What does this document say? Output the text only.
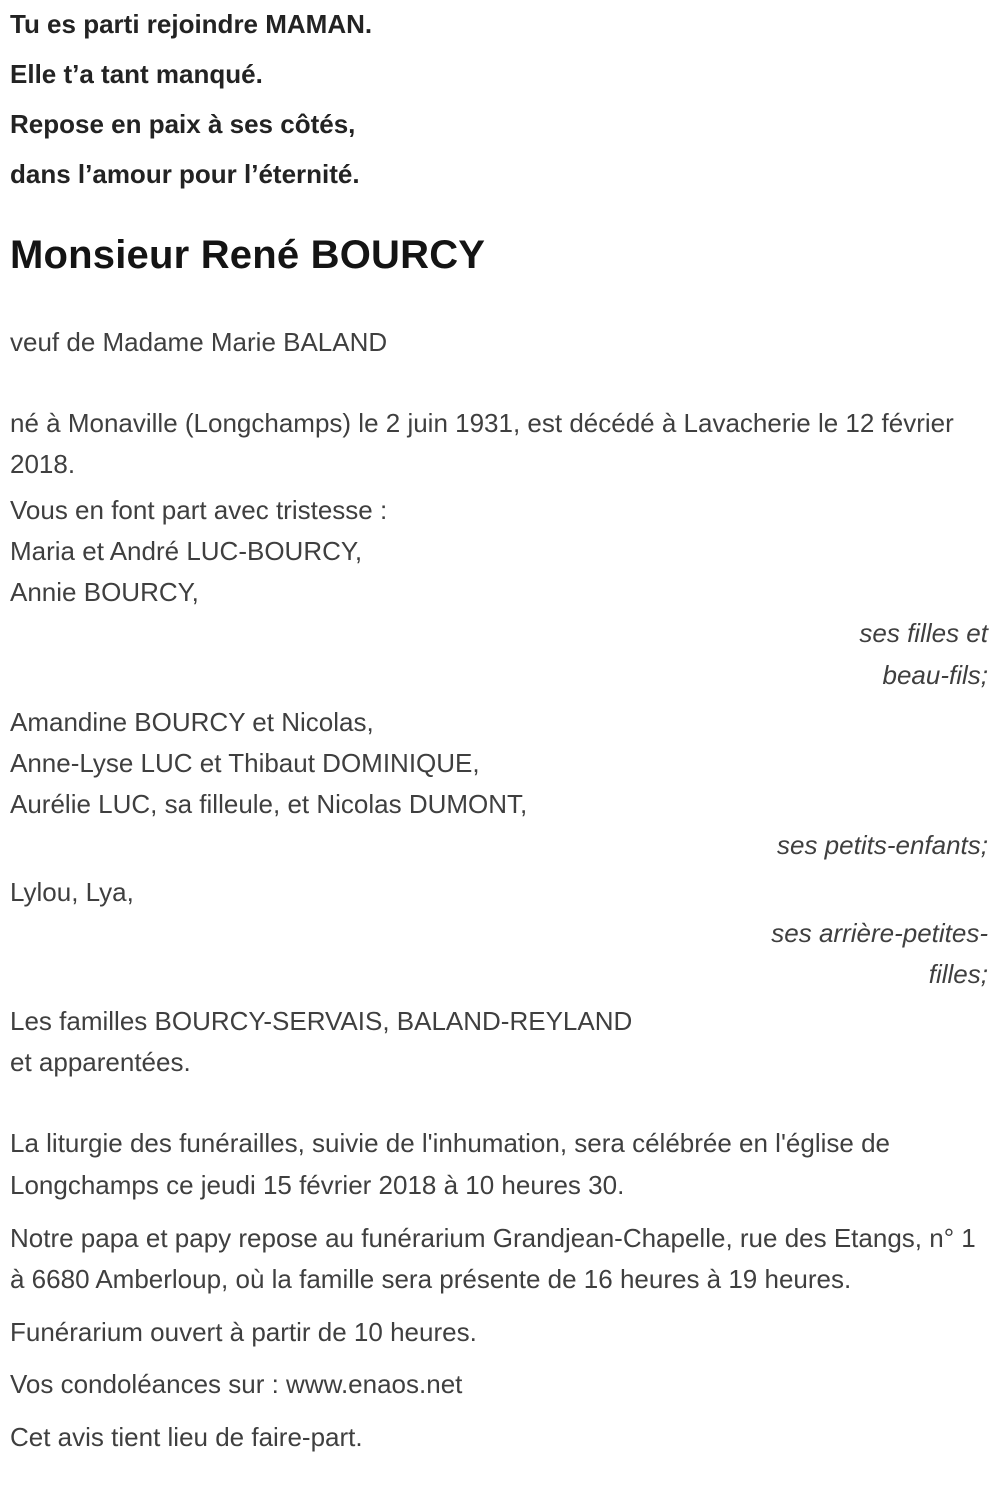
Tu es parti rejoindre MAMAN.

Elle t’a tant manqué.

Repose en paix à ses côtés,

dans l’amour pour l’éternité.

Monsieur René BOURCY

veuf de Madame Marie BALAND

né à Monaville (Longchamps) le 2 juin 1931, est décédé à Lavacherie le 12 février 2018.

Vous en font part avec tristesse :

Maria et André LUC-BOURCY,
Annie BOURCY,
ses filles et
beau-fils;
Amandine BOURCY et Nicolas,
Anne-Lyse LUC et Thibaut DOMINIQUE,
Aurélie LUC, sa filleule, et Nicolas DUMONT,
ses petits-enfants;
Lylou, Lya,
ses arrière-petites-
filles;
Les familles BOURCY-SERVAIS, BALAND-REYLAND
et apparentées.

La liturgie des funérailles, suivie de l'inhumation, sera célébrée en l'église de Longchamps ce jeudi 15 février 2018 à 10 heures 30.

Notre papa et papy repose au funérarium Grandjean-Chapelle, rue des Etangs, n° 1 à 6680 Amberloup, où la famille sera présente de 16 heures à 19 heures.

Funérarium ouvert à partir de 10 heures.

Vos condoléances sur : www.enaos.net

Cet avis tient lieu de faire-part.
